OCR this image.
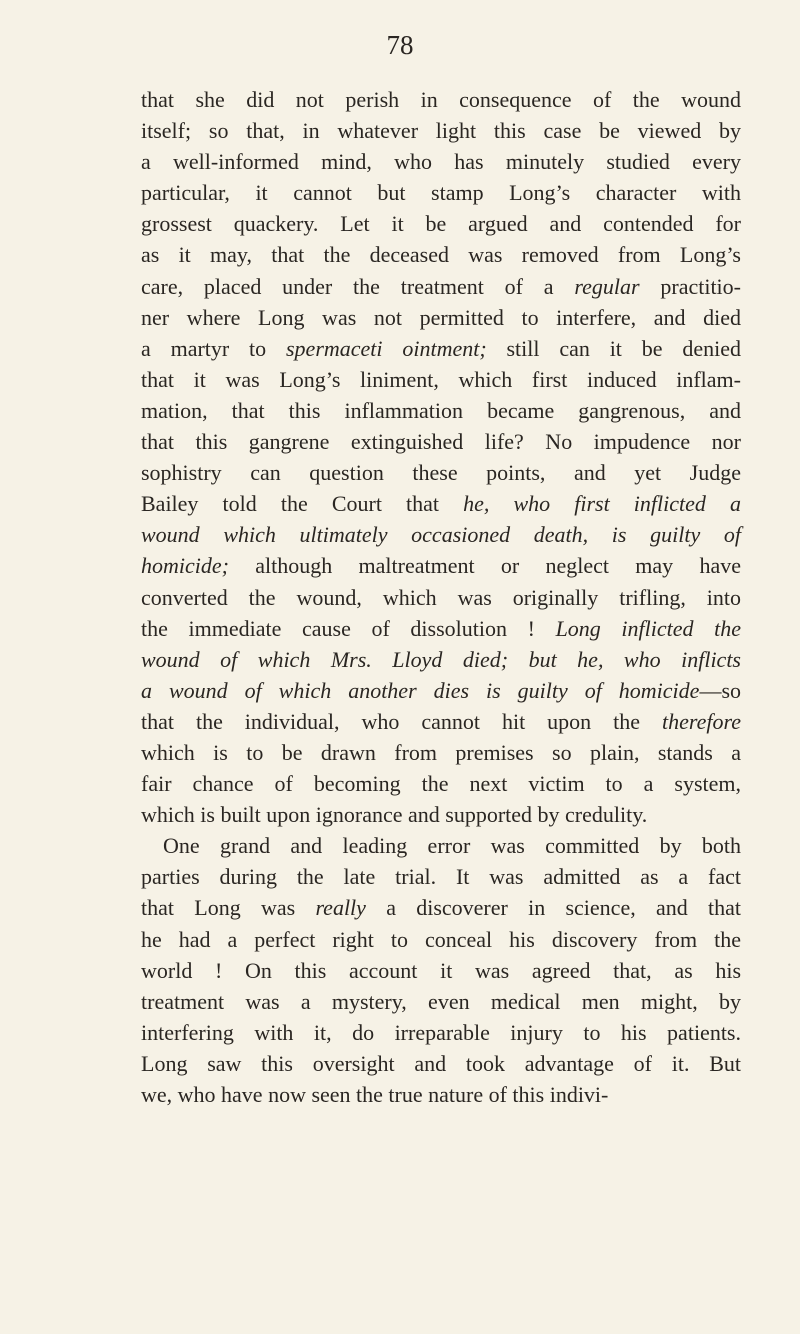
78
that she did not perish in consequence of the wound
itself; so that, in whatever light this case be viewed by
a well-informed mind, who has minutely studied every
particular, it cannot but stamp Long’s character with
grossest quackery. Let it be argued and contended for
as it may, that the deceased was removed from Long’s
care, placed under the treatment of a regular practitio-
ner where Long was not permitted to interfere, and died
a martyr to spermaceti ointment; still can it be denied
that it was Long’s liniment, which first induced inflam-
mation, that this inflammation became gangrenous, and
that this gangrene extinguished life? No impudence nor
sophistry can question these points, and yet Judge
Bailey told the Court that he, who first inflicted a
wound which ultimately occasioned death, is guilty of
homicide; although maltreatment or neglect may have
converted the wound, which was originally trifling, into
the immediate cause of dissolution ! Long inflicted the
wound of which Mrs. Lloyd died; but he, who inflicts
a wound of which another dies is guilty of homicide—so
that the individual, who cannot hit upon the therefore
which is to be drawn from premises so plain, stands a
fair chance of becoming the next victim to a system,
which is built upon ignorance and supported by credulity.
One grand and leading error was committed by both
parties during the late trial. It was admitted as a fact
that Long was really a discoverer in science, and that
he had a perfect right to conceal his discovery from the
world ! On this account it was agreed that, as his
treatment was a mystery, even medical men might, by
interfering with it, do irreparable injury to his patients.
Long saw this oversight and took advantage of it. But
we, who have now seen the true nature of this indivi-
